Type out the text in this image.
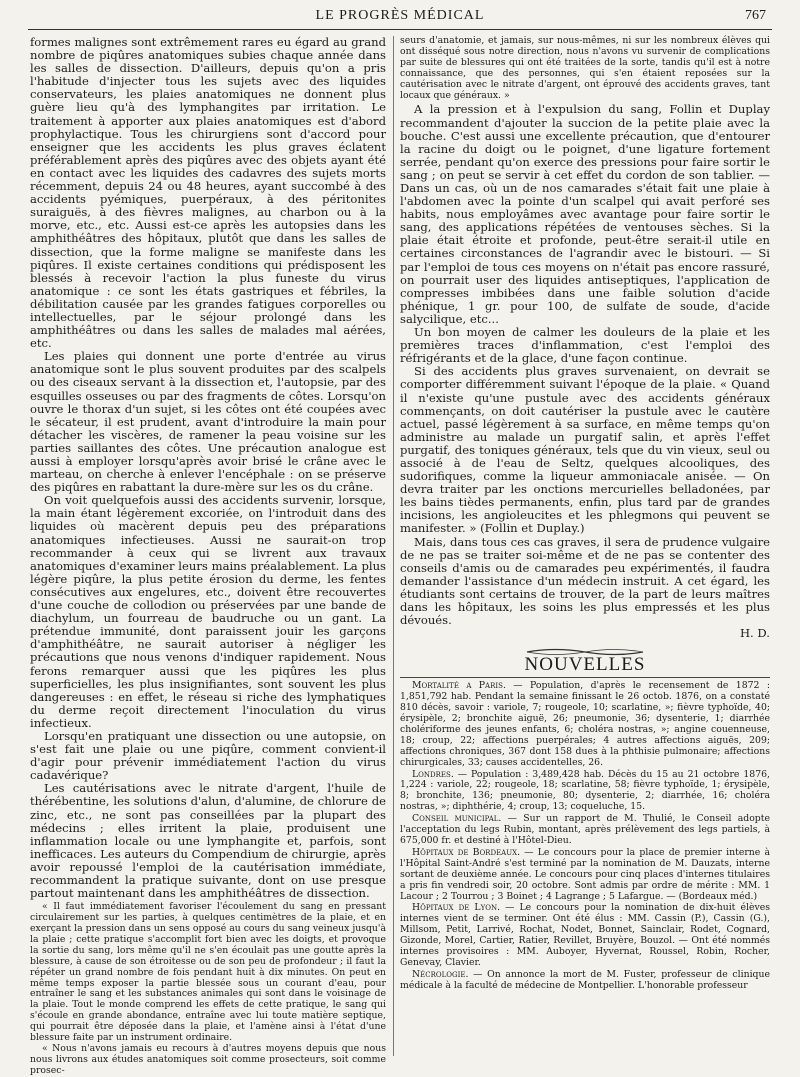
LE PROGRÈS MÉDICAL	767

formes malignes sont extrêmement rares eu égard au grand nombre de piqûres anatomiques subies chaque année dans les salles de dissection. D'ailleurs, depuis qu'on a pris l'habitude d'injecter tous les sujets avec des liquides conservateurs, les plaies anatomiques ne donnent plus guère lieu qu'à des lymphangites par irritation. Le traitement à apporter aux plaies anatomiques est d'abord prophylactique. Tous les chirurgiens sont d'accord pour enseigner que les accidents les plus graves éclatent préférablement après des piqûres avec des objets ayant été en contact avec les liquides des cadavres des sujets morts récemment, depuis 24 ou 48 heures, ayant succombé à des accidents pyémiques, puerpéraux, à des péritonites suraiguës, à des fièvres malignes, au charbon ou à la morve, etc., etc. Aussi est-ce après les autopsies dans les amphithéâtres des hôpitaux, plutôt que dans les salles de dissection, que la forme maligne se manifeste dans les piqûres. Il existe certaines conditions qui prédisposent les blessés à recevoir l'action la plus funeste du virus anatomique : ce sont les états gastriques et fébriles, la débilitation causée par les grandes fatigues corporelles ou intellectuelles, par le séjour prolongé dans les amphithéâtres ou dans les salles de malades mal aérées, etc.

Les plaies qui donnent une porte d'entrée au virus anatomique sont le plus souvent produites par des scalpels ou des ciseaux servant à la dissection et, l'autopsie, par des esquilles osseuses ou par des fragments de côtes. Lorsqu'on ouvre le thorax d'un sujet, si les côtes ont été coupées avec le sécateur, il est prudent, avant d'introduire la main pour détacher les viscères, de ramener la peau voisine sur les parties saillantes des côtes. Une précaution analogue est aussi à employer lorsqu'après avoir brisé le crâne avec le marteau, on cherche à enlever l'encéphale : on se préserve des piqûres en rabattant la dure-mère sur les os du crâne.

On voit quelquefois aussi des accidents survenir, lorsque, la main étant légèrement excoriée, on l'introduit dans des liquides où macèrent depuis peu des préparations anatomiques infectieuses. Aussi ne saurait-on trop recommander à ceux qui se livrent aux travaux anatomiques d'examiner leurs mains préalablement. La plus légère piqûre, la plus petite érosion du derme, les fentes consécutives aux engelures, etc., doivent être recouvertes d'une couche de collodion ou préservées par une bande de diachylum, un fourreau de baudruche ou un gant. La prétendue immunité, dont paraissent jouir les garçons d'amphithéâtre, ne saurait autoriser à négliger les précautions que nous venons d'indiquer rapidement. Nous ferons remarquer aussi que les piqûres les plus superficielles, les plus insignifiantes, sont souvent les plus dangereuses : en effet, le réseau si riche des lymphatiques du derme reçoit directement l'inoculation du virus infectieux.

Lorsqu'en pratiquant une dissection ou une autopsie, on s'est fait une plaie ou une piqûre, comment convient-il d'agir pour prévenir immédiatement l'action du virus cadavérique?

Les cautérisations avec le nitrate d'argent, l'huile de thérébentine, les solutions d'alun, d'alumine, de chlorure de zinc, etc., ne sont pas conseillées par la plupart des médecins ; elles irritent la plaie, produisent une inflammation locale ou une lymphangite et, parfois, sont inefficaces. Les auteurs du Compendium de chirurgie, après avoir repoussé l'emploi de la cautérisation immédiate, recommandent la pratique suivante, dont on use presque partout maintenant dans les amphithéâtres de dissection.

« Il faut immédiatement favoriser l'écoulement du sang en pressant circulairement sur les parties, à quelques centimètres de la plaie, et en exerçant la pression dans un sens opposé au cours du sang veineux jusqu'à la plaie ; cette pratique s'accomplit fort bien avec les doigts, et provoque la sortie du sang, lors même qu'il ne s'en écoulait pas une goutte après la blessure, à cause de son étroitesse ou de son peu de profondeur ; il faut la répéter un grand nombre de fois pendant huit à dix minutes. On peut en même temps exposer la partie blessée sous un courant d'eau, pour entraîner le sang et les substances animales qui sont dans le voisinage de la plaie. Tout le monde comprend les effets de cette pratique, le sang qui s'écoule en grande abondance, entraîne avec lui toute matière septique, qui pourrait être déposée dans la plaie, et l'amène ainsi à l'état d'une blessure faite par un instrument ordinaire.

« Nous n'avons jamais eu recours à d'autres moyens depuis que nous nous livrons aux études anatomiques soit comme prosecteurs, soit comme prosec-

seurs d'anatomie, et jamais, sur nous-mêmes, ni sur les nombreux élèves qui ont disséqué sous notre direction, nous n'avons vu survenir de complications par suite de blessures qui ont été traitées de la sorte, tandis qu'il est à notre connaissance, que des personnes, qui s'en étaient reposées sur la cautérisation avec le nitrate d'argent, ont éprouvé des accidents graves, tant locaux que généraux. »

A la pression et à l'expulsion du sang, Follin et Duplay recommandent d'ajouter la succion de la petite plaie avec la bouche. C'est aussi une excellente précaution, que d'entourer la racine du doigt ou le poignet, d'une ligature fortement serrée, pendant qu'on exerce des pressions pour faire sortir le sang ; on peut se servir à cet effet du cordon de son tablier. — Dans un cas, où un de nos camarades s'était fait une plaie à l'abdomen avec la pointe d'un scalpel qui avait perforé ses habits, nous employâmes avec avantage pour faire sortir le sang, des applications répétées de ventouses sèches. Si la plaie était étroite et profonde, peut-être serait-il utile en certaines circonstances de l'agrandir avec le bistouri. — Si par l'emploi de tous ces moyens on n'était pas encore rassuré, on pourrait user des liquides antiseptiques, l'application de compresses imbibées dans une faible solution d'acide phénique, 1 gr. pour 100, de sulfate de soude, d'acide salycilique, etc...

Un bon moyen de calmer les douleurs de la plaie et les premières traces d'inflammation, c'est l'emploi des réfrigérants et de la glace, d'une façon continue.

Si des accidents plus graves survenaient, on devrait se comporter différemment suivant l'époque de la plaie. « Quand il n'existe qu'une pustule avec des accidents généraux commençants, on doit cautériser la pustule avec le cautère actuel, passé légèrement à sa surface, en même temps qu'on administre au malade un purgatif salin, et après l'effet purgatif, des toniques généraux, tels que du vin vieux, seul ou associé à de l'eau de Seltz, quelques alcooliques, des sudorifiques, comme la liqueur ammoniacale anisée. — On devra traiter par les onctions mercurielles belladonées, par les bains tièdes permanents, enfin, plus tard par de grandes incisions, les angioleucites et les phlegmons qui peuvent se manifester. » (Follin et Duplay.)

Mais, dans tous ces cas graves, il sera de prudence vulgaire de ne pas se traiter soi-même et de ne pas se contenter des conseils d'amis ou de camarades peu expérimentés, il faudra demander l'assistance d'un médecin instruit. A cet égard, les étudiants sont certains de trouver, de la part de leurs maîtres dans les hôpitaux, les soins les plus empressés et les plus dévoués.

H. D.

NOUVELLES

Mortalité a Paris. — Population, d'après le recensement de 1872 : 1,851,792 hab. Pendant la semaine finissant le 26 octob. 1876, on a constaté 810 décès, savoir : variole, 7; rougeole, 10; scarlatine, »; fièvre typhoïde, 40; érysipèle, 2; bronchite aiguë, 26; pneumonie, 36; dysenterie, 1; diarrhée cholériforme des jeunes enfants, 6; choléra nostras, »; angine couenneuse, 18; croup, 22; affections puerpérales; 4 autres affections aiguës, 209; affections chroniques, 367 dont 158 dues à la phthisie pulmonaire; affections chirurgicales, 33; causes accidentelles, 26.

Londres. — Population : 3,489,428 hab. Décès du 15 au 21 octobre 1876, 1,224 : variole, 22; rougeole, 18; scarlatine, 58; fièvre typhoïde, 1; érysipèle, 8; bronchite, 136; pneumonie, 80; dysenterie, 2; diarrhée, 16; choléra nostras, »; diphthérie, 4; croup, 13; coqueluche, 15.

Conseil municipal. — Sur un rapport de M. Thulié, le Conseil adopte l'acceptation du legs Rubin, montant, après prélèvement des legs partiels, à 675,000 fr. et destiné à l'Hôtel-Dieu.

Hôpitaux de Bordeaux. — Le concours pour la place de premier interne à l'Hôpital Saint-André s'est terminé par la nomination de M. Dauzats, interne sortant de deuxième année. Le concours pour cinq places d'internes titulaires a pris fin vendredi soir, 20 octobre. Sont admis par ordre de mérite : MM. 1 Lacour ; 2 Tourrou ; 3 Boinet ; 4 Lagrange ; 5 Lafargue. — (Bordeaux méd.)

Hôpitaux de Lyon. — Le concours pour la nomination de dix-huit élèves internes vient de se terminer. Ont été élus : MM. Cassin (P.), Cassin (G.), Millsom, Petit, Larrivé, Rochat, Nodet, Bonnet, Sainclair, Rodet, Cognard, Gizonde, Morel, Cartier, Ratier, Revillet, Bruyère, Bouzol. — Ont été nommés internes provisoires : MM. Auboyer, Hyvernat, Roussel, Robin, Rocher, Genevay, Clavier.

Nécrologie. — On annonce la mort de M. Fuster, professeur de clinique médicale à la faculté de médecine de Montpellier. L'honorable professeur
